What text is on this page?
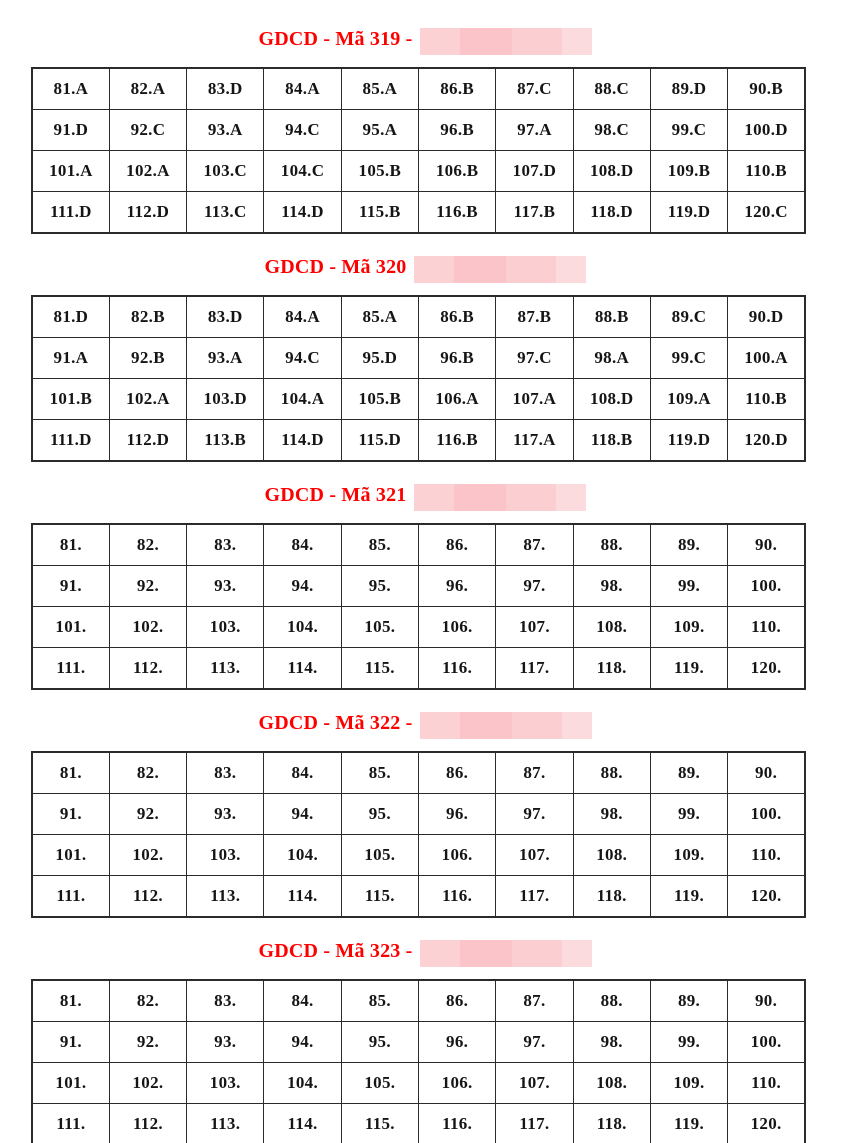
GDCD - Mã 319 -
81.A	82.A	83.D	84.A	85.A	86.B	87.C	88.C	89.D	90.B
91.D	92.C	93.A	94.C	95.A	96.B	97.A	98.C	99.C	100.D
101.A	102.A	103.C	104.C	105.B	106.B	107.D	108.D	109.B	110.B
111.D	112.D	113.C	114.D	115.B	116.B	117.B	118.D	119.D	120.C
GDCD - Mã 320
81.D	82.B	83.D	84.A	85.A	86.B	87.B	88.B	89.C	90.D
91.A	92.B	93.A	94.C	95.D	96.B	97.C	98.A	99.C	100.A
101.B	102.A	103.D	104.A	105.B	106.A	107.A	108.D	109.A	110.B
111.D	112.D	113.B	114.D	115.D	116.B	117.A	118.B	119.D	120.D
GDCD - Mã 321
81.	82.	83.	84.	85.	86.	87.	88.	89.	90.
91.	92.	93.	94.	95.	96.	97.	98.	99.	100.
101.	102.	103.	104.	105.	106.	107.	108.	109.	110.
111.	112.	113.	114.	115.	116.	117.	118.	119.	120.
GDCD - Mã 322 -
81.	82.	83.	84.	85.	86.	87.	88.	89.	90.
91.	92.	93.	94.	95.	96.	97.	98.	99.	100.
101.	102.	103.	104.	105.	106.	107.	108.	109.	110.
111.	112.	113.	114.	115.	116.	117.	118.	119.	120.
GDCD - Mã 323 -
81.	82.	83.	84.	85.	86.	87.	88.	89.	90.
91.	92.	93.	94.	95.	96.	97.	98.	99.	100.
101.	102.	103.	104.	105.	106.	107.	108.	109.	110.
111.	112.	113.	114.	115.	116.	117.	118.	119.	120.
